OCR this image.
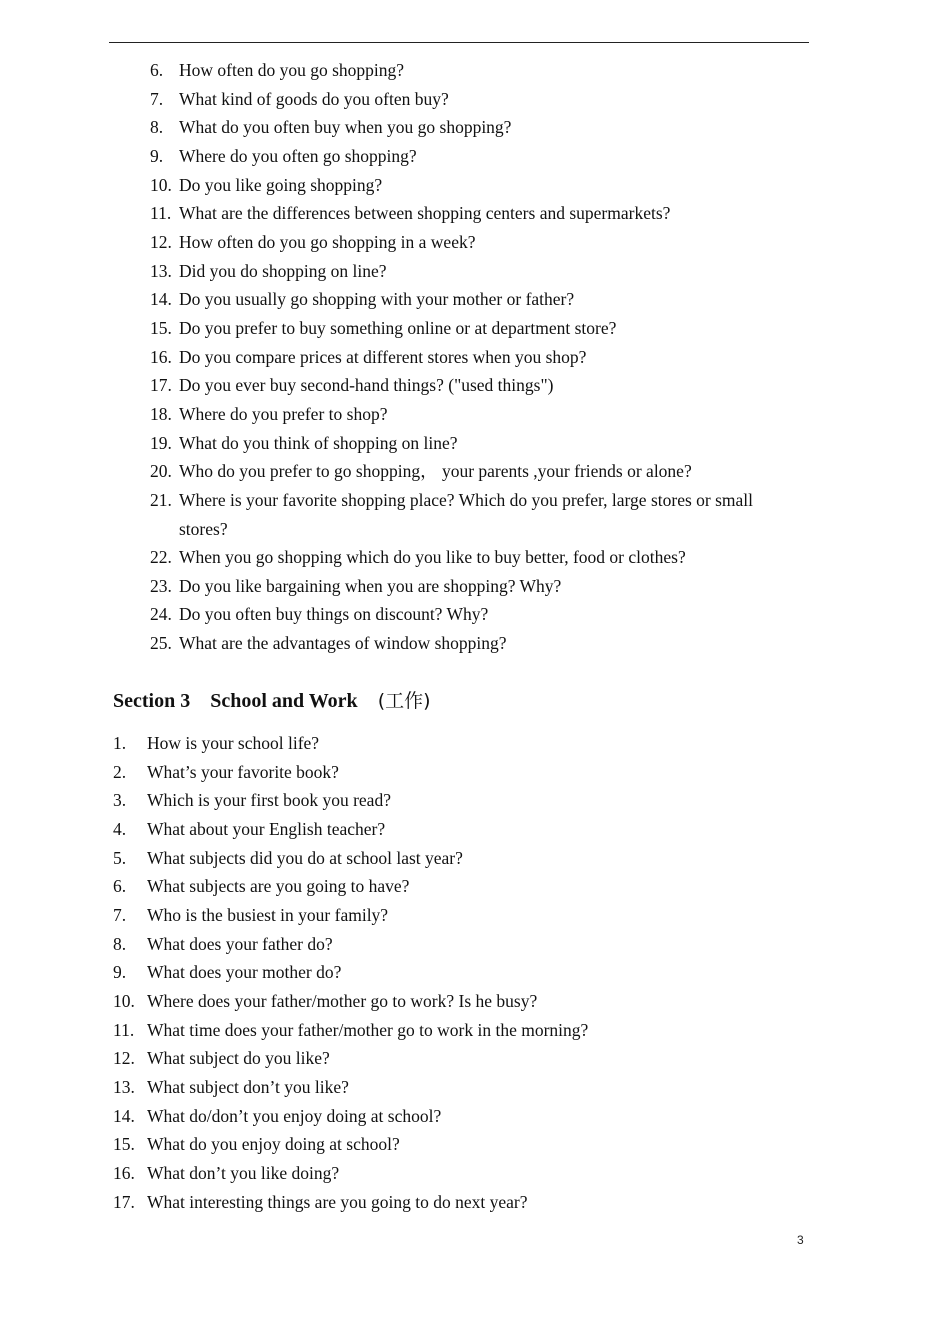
6. How often do you go shopping?
7. What kind of goods do you often buy?
8. What do you often buy when you go shopping?
9. Where do you often go shopping?
10. Do you like going shopping?
11. What are the differences between shopping centers and supermarkets?
12. How often do you go shopping in a week?
13. Did you do shopping on line?
14. Do you usually go shopping with your mother or father?
15. Do you prefer to buy something online or at department store?
16. Do you compare prices at different stores when you shop?
17. Do you ever buy second-hand things? ("used things")
18. Where do you prefer to shop?
19. What do you think of shopping on line?
20. Who do you prefer to go shopping， your parents ,your friends or alone?
21. Where is your favorite shopping place? Which do you prefer, large stores or small stores?
22. When you go shopping which do you like to buy better, food or clothes?
23. Do you like bargaining when you are shopping? Why?
24. Do you often buy things on discount? Why?
25. What are the advantages of window shopping?
Section 3    School and Work    (工作)
1.	How is your school life?
2.	What’s your favorite book?
3.	Which is your first book you read?
4.	What about your English teacher?
5.	What subjects did you do at school last year?
6.	What subjects are you going to have?
7.	Who is the busiest in your family?
8.	What does your father do?
9.	What does your mother do?
10. Where does your father/mother go to work? Is he busy?
11. What time does your father/mother go to work in the morning?
12. What subject do you like?
13. What subject don’t you like?
14. What do/don’t you enjoy doing at school?
15. What do you enjoy doing at school?
16. What don’t you like doing?
17. What interesting things are you going to do next year?
3
